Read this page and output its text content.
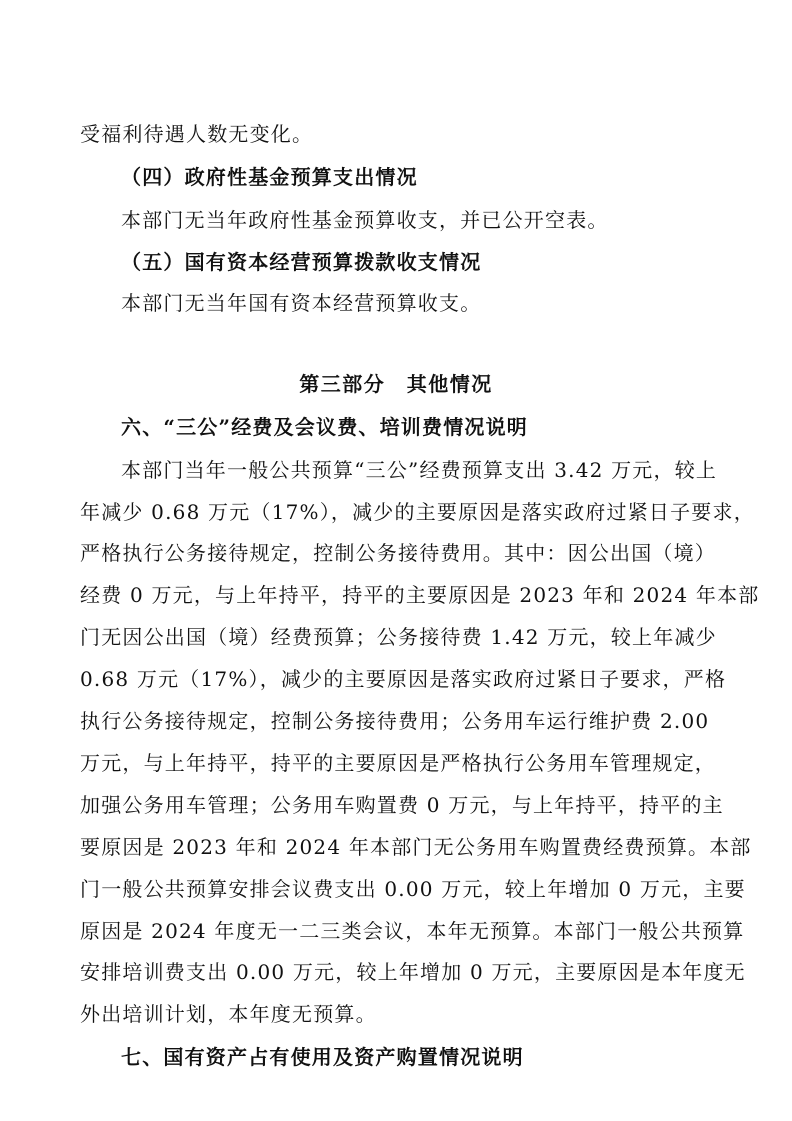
受福利待遇人数无变化。
（四）政府性基金预算支出情况
本部门无当年政府性基金预算收支，并已公开空表。
（五）国有资本经营预算拨款收支情况
本部门无当年国有资本经营预算收支。
第三部分　其他情况
六、“三公”经费及会议费、培训费情况说明
本部门当年一般公共预算“三公”经费预算支出 3.42 万元，较上
年减少 0.68 万元（17%），减少的主要原因是落实政府过紧日子要求，
严格执行公务接待规定，控制公务接待费用。其中：因公出国（境）
经费 0 万元，与上年持平，持平的主要原因是 2023 年和 2024 年本部
门无因公出国（境）经费预算；公务接待费 1.42 万元，较上年减少
0.68 万元（17%），减少的主要原因是落实政府过紧日子要求，严格
执行公务接待规定，控制公务接待费用；公务用车运行维护费 2.00
万元，与上年持平，持平的主要原因是严格执行公务用车管理规定，
加强公务用车管理；公务用车购置费 0 万元，与上年持平，持平的主
要原因是 2023 年和 2024 年本部门无公务用车购置费经费预算。本部
门一般公共预算安排会议费支出 0.00 万元，较上年增加 0 万元，主要
原因是 2024 年度无一二三类会议，本年无预算。本部门一般公共预算
安排培训费支出 0.00 万元，较上年增加 0 万元，主要原因是本年度无
外出培训计划，本年度无预算。
七、国有资产占有使用及资产购置情况说明
